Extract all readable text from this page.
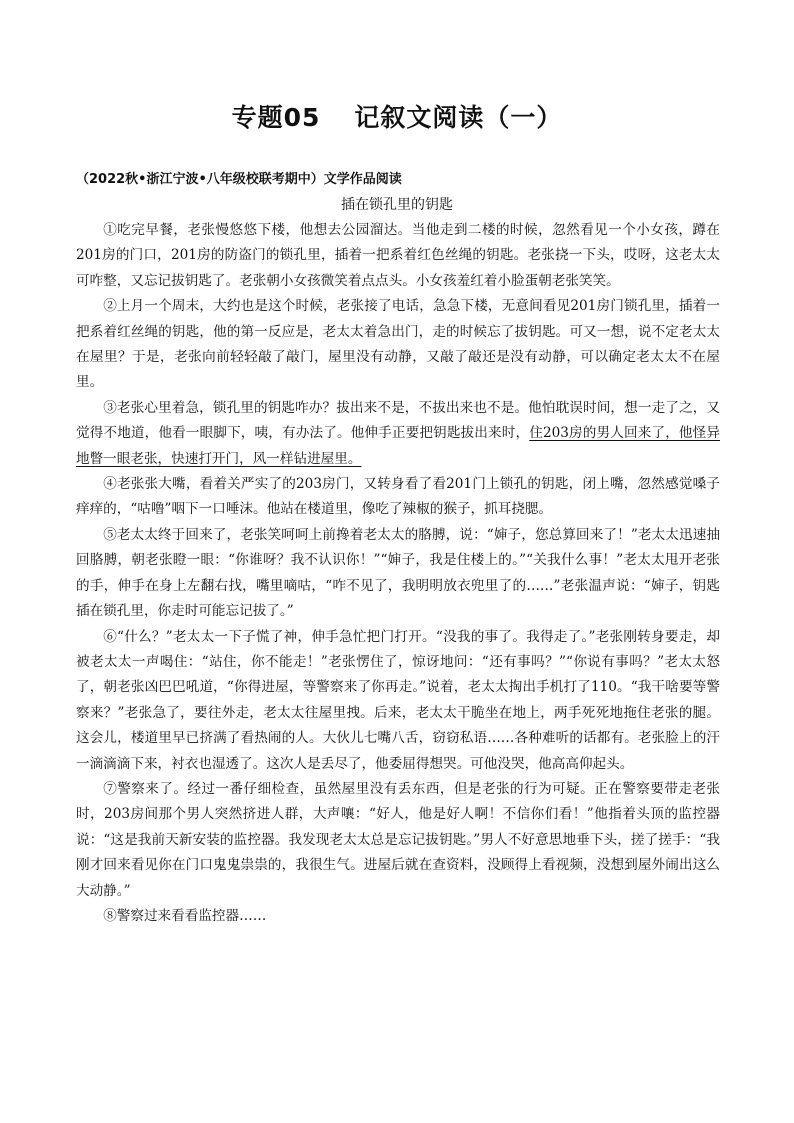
专题05 记叙文阅读（一）

（2022秋•浙江宁波•八年级校联考期中）文学作品阅读

插在锁孔里的钥匙

①吃完早餐，老张慢悠悠下楼，他想去公园溜达。当他走到二楼的时候，忽然看见一个小女孩，蹲在201房的门口，201房的防盗门的锁孔里，插着一把系着红色丝绳的钥匙。老张挠一下头，哎呀，这老太太可咋整，又忘记拔钥匙了。老张朝小女孩微笑着点点头。小女孩羞红着小脸蛋朝老张笑笑。

②上月一个周末，大约也是这个时候，老张接了电话，急急下楼，无意间看见201房门锁孔里，插着一把系着红丝绳的钥匙，他的第一反应是，老太太着急出门，走的时候忘了拔钥匙。可又一想，说不定老太太在屋里？于是，老张向前轻轻敲了敲门，屋里没有动静，又敲了敲还是没有动静，可以确定老太太不在屋里。

③老张心里着急，锁孔里的钥匙咋办？拔出来不是，不拔出来也不是。他怕耽误时间，想一走了之，又觉得不地道，他看一眼脚下，咦，有办法了。他伸手正要把钥匙拔出来时，住203房的男人回来了，他怪异地瞥一眼老张，快速打开门，风一样钻进屋里。

④老张张大嘴，看着关严实了的203房门，又转身看了看201门上锁孔的钥匙，闭上嘴，忽然感觉嗓子痒痒的，“咕噜”咽下一口唾沫。他站在楼道里，像吃了辣椒的猴子，抓耳挠腮。

⑤老太太终于回来了，老张笑呵呵上前搀着老太太的胳膊，说：“婶子，您总算回来了！”老太太迅速抽回胳膊，朝老张瞪一眼：“你谁呀？我不认识你！”“婶子，我是住楼上的。”“关我什么事！”老太太甩开老张的手，伸手在身上左翻右找，嘴里嘀咕，“咋不见了，我明明放衣兜里了的……”老张温声说：“婶子，钥匙插在锁孔里，你走时可能忘记拔了。”

⑥“什么？”老太太一下子慌了神，伸手急忙把门打开。“没我的事了。我得走了。”老张刚转身要走，却被老太太一声喝住：“站住，你不能走！”老张愣住了，惊讶地问：“还有事吗？”“你说有事吗？”老太太怒了，朝老张凶巴巴吼道，“你得进屋，等警察来了你再走。”说着，老太太掏出手机打了110。“我干啥要等警察来？”老张急了，要往外走，老太太往屋里拽。后来，老太太干脆坐在地上，两手死死地拖住老张的腿。这会儿，楼道里早已挤满了看热闹的人。大伙儿七嘴八舌，窃窃私语……各种难听的话都有。老张脸上的汗一滴滴滴下来，衬衣也湿透了。这次人是丢尽了，他委屈得想哭。可他没哭，他高高仰起头。

⑦警察来了。经过一番仔细检查，虽然屋里没有丢东西，但是老张的行为可疑。正在警察要带走老张时，203房间那个男人突然挤进人群，大声嚷：“好人，他是好人啊！不信你们看！”他指着头顶的监控器说：“这是我前天新安装的监控器。我发现老太太总是忘记拔钥匙。”男人不好意思地垂下头，搓了搓手：“我刚才回来看见你在门口鬼鬼祟祟的，我很生气。进屋后就在查资料，没顾得上看视频，没想到屋外闹出这么大动静。”

⑧警察过来看看监控器……
